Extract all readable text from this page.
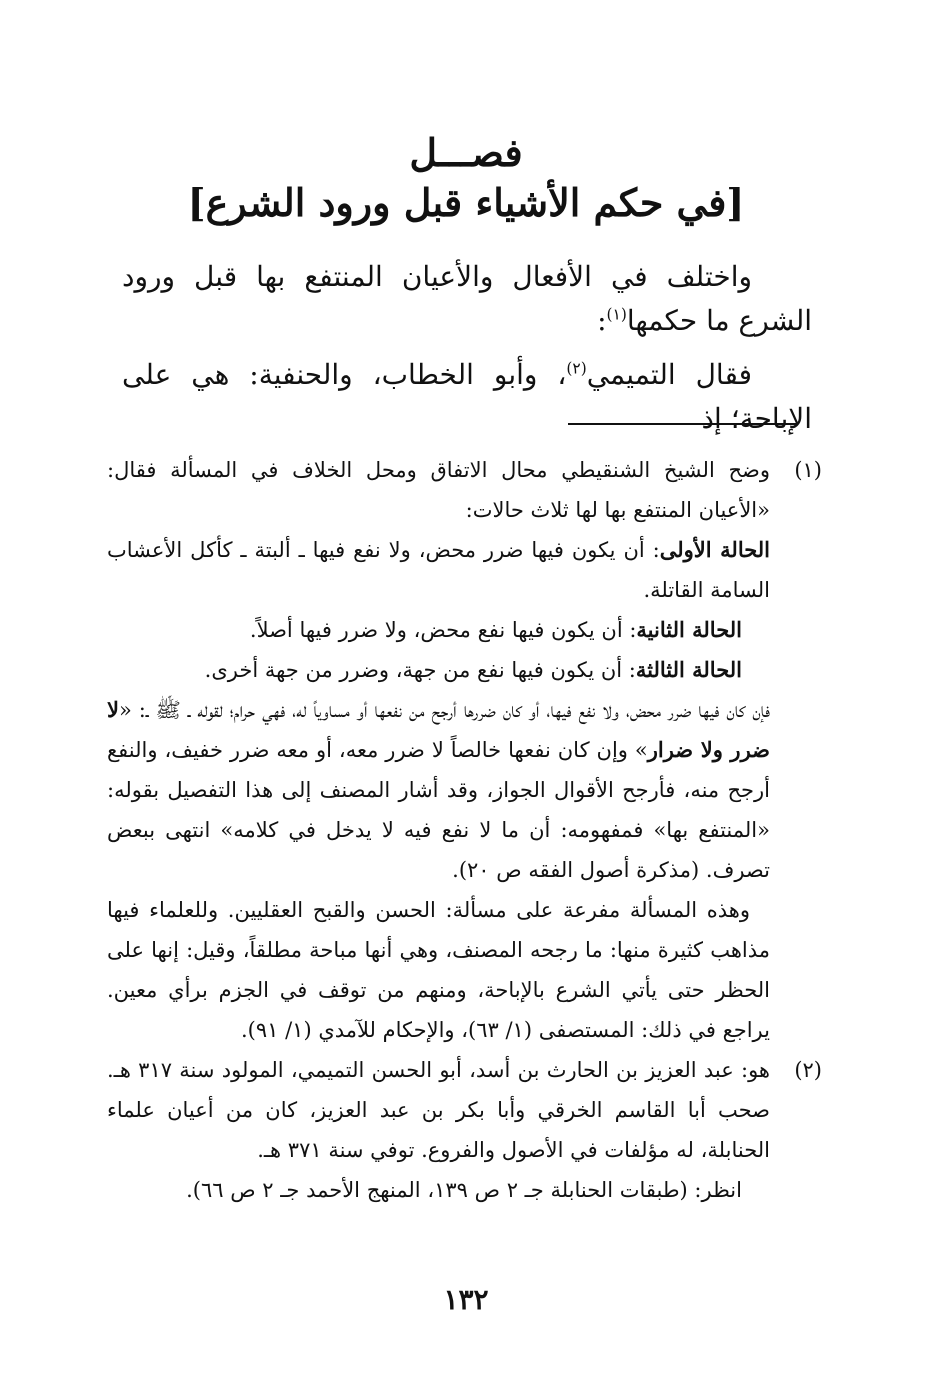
فصـــل
[في حكم الأشياء قبل ورود الشرع]
واختلف في الأفعال والأعيان المنتفع بها قبل ورود الشرع ما حكمها$^{(١)}$:
فقال التميمي$^{(٢)}$، وأبو الخطاب، والحنفية: هي على الإباحة؛ إذ
(١)

وضح الشيخ الشنقيطي محال الاتفاق ومحل الخلاف في المسألة فقال: «الأعيان المنتفع بها لها ثلاث حالات:

الحالة الأولى: أن يكون فيها ضرر محض، ولا نفع فيها ـ ألبتة ـ كأكل الأعشاب السامة القاتلة.

الحالة الثانية: أن يكون فيها نفع محض، ولا ضرر فيها أصلاً.

الحالة الثالثة: أن يكون فيها نفع من جهة، وضرر من جهة أخرى.

فإن كان فيها ضرر محض، ولا نفع فيها، أو كان ضررها أرجح من نفعها أو مساوياً له، فهي حرام؛ لقوله ـ ﷺ ـ: «لا ضرر ولا ضرار» وإن كان نفعها خالصاً لا ضرر معه، أو معه ضرر خفيف، والنفع أرجح منه، فأرجح الأقوال الجواز، وقد أشار المصنف إلى هذا التفصيل بقوله: «المنتفع بها» فمفهومه: أن ما لا نفع فيه لا يدخل في كلامه» انتهى ببعض تصرف. (مذكرة أصول الفقه ص ٢٠).

وهذه المسألة مفرعة على مسألة: الحسن والقبح العقليين. وللعلماء فيها مذاهب كثيرة منها: ما رجحه المصنف، وهي أنها مباحة مطلقاً، وقيل: إنها على الحظر حتى يأتي الشرع بالإباحة، ومنهم من توقف في الجزم برأي معين. يراجع في ذلك: المستصفى (١/ ٦٣)، والإحكام للآمدي (١/ ٩١).

(٢)

هو: عبد العزيز بن الحارث بن أسد، أبو الحسن التميمي، المولود سنة ٣١٧ هـ. صحب أبا القاسم الخرقي وأبا بكر بن عبد العزيز، كان من أعيان علماء الحنابلة، له مؤلفات في الأصول والفروع. توفي سنة ٣٧١ هـ.

انظر: (طبقات الحنابلة جـ ٢ ص ١٣٩، المنهج الأحمد جـ ٢ ص ٦٦).

١٣٢
